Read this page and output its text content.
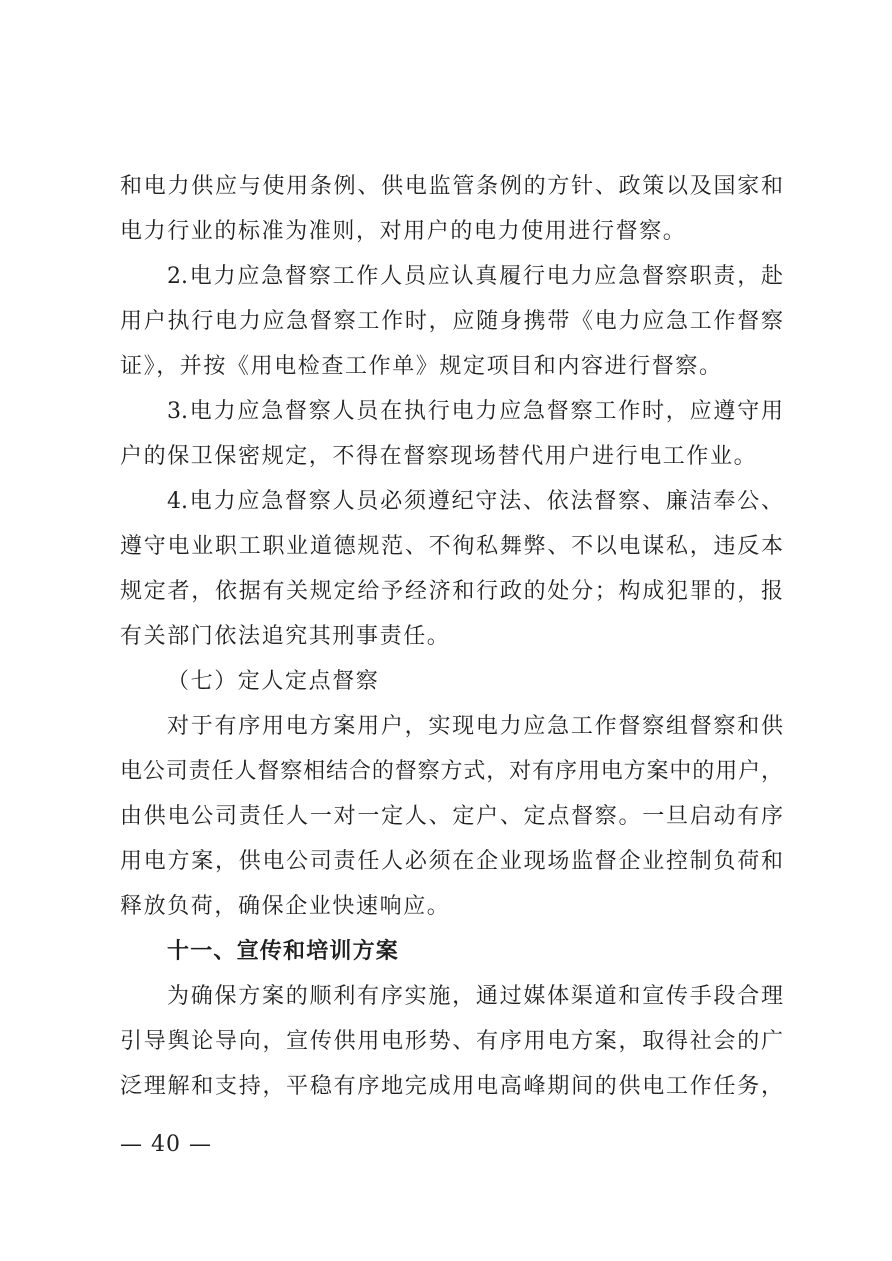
和电力供应与使用条例、供电监管条例的方针、政策以及国家和
电力行业的标准为准则，对用户的电力使用进行督察。
2.电力应急督察工作人员应认真履行电力应急督察职责，赴
用户执行电力应急督察工作时，应随身携带《电力应急工作督察
证》，并按《用电检查工作单》规定项目和内容进行督察。
3.电力应急督察人员在执行电力应急督察工作时，应遵守用
户的保卫保密规定，不得在督察现场替代用户进行电工作业。
4.电力应急督察人员必须遵纪守法、依法督察、廉洁奉公、
遵守电业职工职业道德规范、不徇私舞弊、不以电谋私，违反本
规定者，依据有关规定给予经济和行政的处分；构成犯罪的，报
有关部门依法追究其刑事责任。
（七）定人定点督察
对于有序用电方案用户，实现电力应急工作督察组督察和供
电公司责任人督察相结合的督察方式，对有序用电方案中的用户，
由供电公司责任人一对一定人、定户、定点督察。一旦启动有序
用电方案，供电公司责任人必须在企业现场监督企业控制负荷和
释放负荷，确保企业快速响应。
十一、宣传和培训方案
为确保方案的顺利有序实施，通过媒体渠道和宣传手段合理
引导舆论导向，宣传供用电形势、有序用电方案，取得社会的广
泛理解和支持，平稳有序地完成用电高峰期间的供电工作任务，
— 40 —
